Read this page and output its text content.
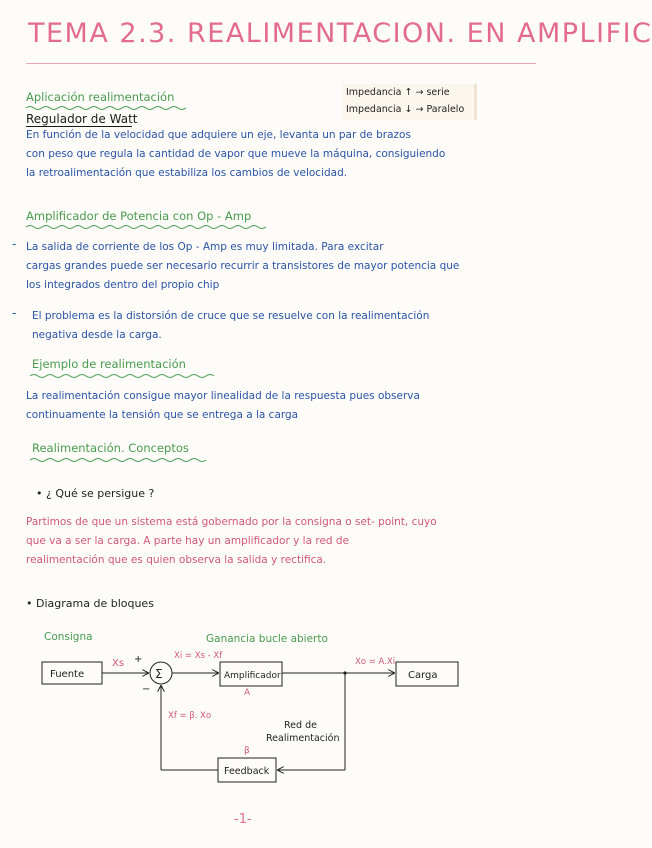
TEMA 2.3. REALIMENTACION. EN AMPLIFIC
Aplicación realimentación
Regulador de Watt
Impedancia ↑ → serie
Impedancia ↓ → Paralelo
En función de la velocidad que adquiere un eje, levanta un par de brazos
con peso que regula la cantidad de vapor que mueve la máquina, consiguiendo
la retroalimentación que estabiliza los cambios de velocidad.
Amplificador de Potencia con Op - Amp
- La salida de corriente de los Op - Amp es muy limitada. Para excitar
cargas grandes puede ser necesario recurrir a transistores de mayor potencia que
los integrados dentro del propio chip
- El problema es la distorsión de cruce que se resuelve con la realimentación
negativa desde la carga.
Ejemplo de realimentación
La realimentación consigue mayor linealidad de la respuesta pues observa
continuamente la tensión que se entrega a la carga
Realimentación. Conceptos
• ¿ Qué se persigue ?
Partimos de que un sistema está gobernado por la consigna o set- point, cuyo
que va a ser la carga. A parte hay un amplificador y la red de
realimentación que es quien observa la salida y rectifica.
• Diagrama de bloques
Consigna
Fuente
Xs +
−
Σ
Xi = Xs - Xf
Ganancia bucle abierto
Amplificador
A
Xo = A.Xi
Carga
Red de
Realimentación
Feedback
β
Xf = β. Xo
-1-
